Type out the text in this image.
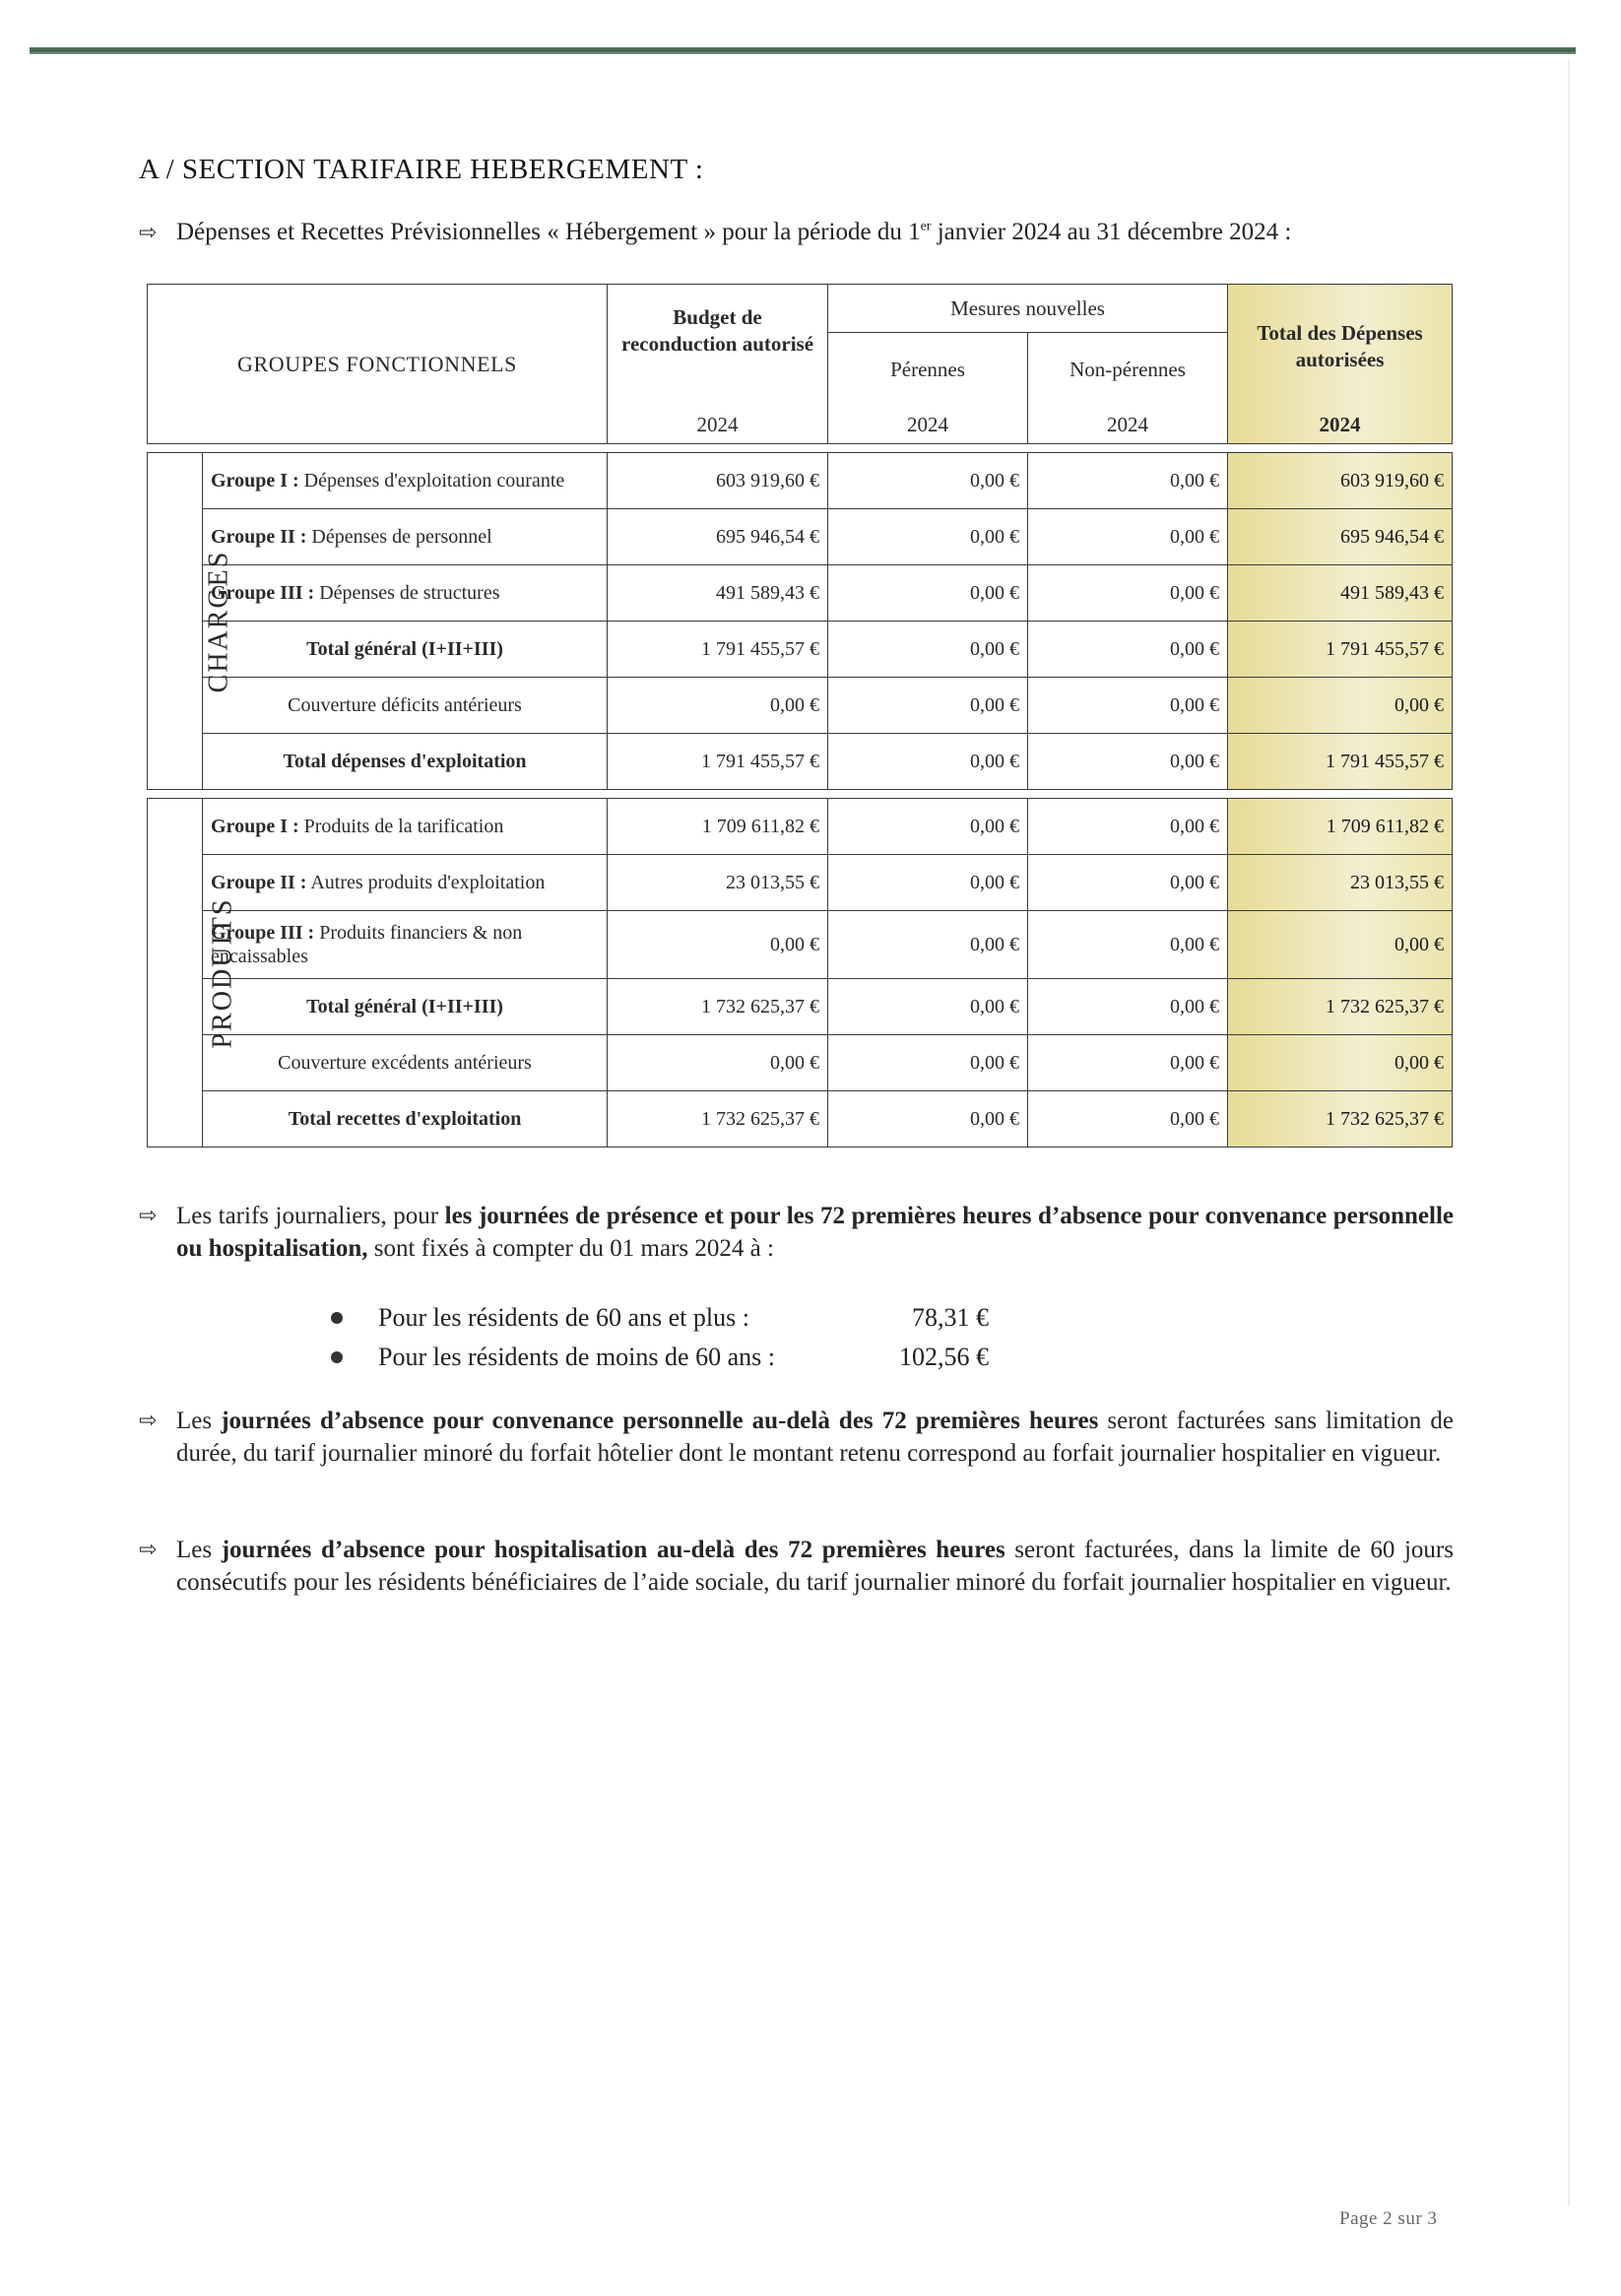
A / SECTION TARIFAIRE HEBERGEMENT :
⇨ Dépenses et Recettes Prévisionnelles « Hébergement » pour la période du 1er janvier 2024 au 31 décembre 2024 :
GROUPES FONCTIONNELS		Budget de reconduction autorisé	Mesures nouvelles		Total des Dépenses autorisées
			Pérennes	Non-pérennes	
		2024	2024	2024	2024

CHARGES	Groupe I : Dépenses d'exploitation courante	603 919,60 €	0,00 €	0,00 €	603 919,60 €
	Groupe II : Dépenses de personnel	695 946,54 €	0,00 €	0,00 €	695 946,54 €
	Groupe III : Dépenses de structures	491 589,43 €	0,00 €	0,00 €	491 589,43 €
	Total général (I+II+III)	1 791 455,57 €	0,00 €	0,00 €	1 791 455,57 €
	Couverture déficits antérieurs	0,00 €	0,00 €	0,00 €	0,00 €
	Total dépenses d'exploitation	1 791 455,57 €	0,00 €	0,00 €	1 791 455,57 €

PRODUITS	Groupe I : Produits de la tarification	1 709 611,82 €	0,00 €	0,00 €	1 709 611,82 €
	Groupe II : Autres produits d'exploitation	23 013,55 €	0,00 €	0,00 €	23 013,55 €
	Groupe III : Produits financiers & non encaissables	0,00 €	0,00 €	0,00 €	0,00 €
	Total général (I+II+III)	1 732 625,37 €	0,00 €	0,00 €	1 732 625,37 €
	Couverture excédents antérieurs	0,00 €	0,00 €	0,00 €	0,00 €
	Total recettes d'exploitation	1 732 625,37 €	0,00 €	0,00 €	1 732 625,37 €
⇨ Les tarifs journaliers, pour les journées de présence et pour les 72 premières heures d’absence pour convenance personnelle ou hospitalisation, sont fixés à compter du 01 mars 2024 à :
Pour les résidents de 60 ans et plus :	78,31 €
Pour les résidents de moins de 60 ans :	102,56 €
⇨ Les journées d’absence pour convenance personnelle au-delà des 72 premières heures seront facturées sans limitation de durée, du tarif journalier minoré du forfait hôtelier dont le montant retenu correspond au forfait journalier hospitalier en vigueur.
⇨ Les journées d’absence pour hospitalisation au-delà des 72 premières heures seront facturées, dans la limite de 60 jours consécutifs pour les résidents bénéficiaires de l’aide sociale, du tarif journalier minoré du forfait journalier hospitalier en vigueur.
Page 2 sur 3
